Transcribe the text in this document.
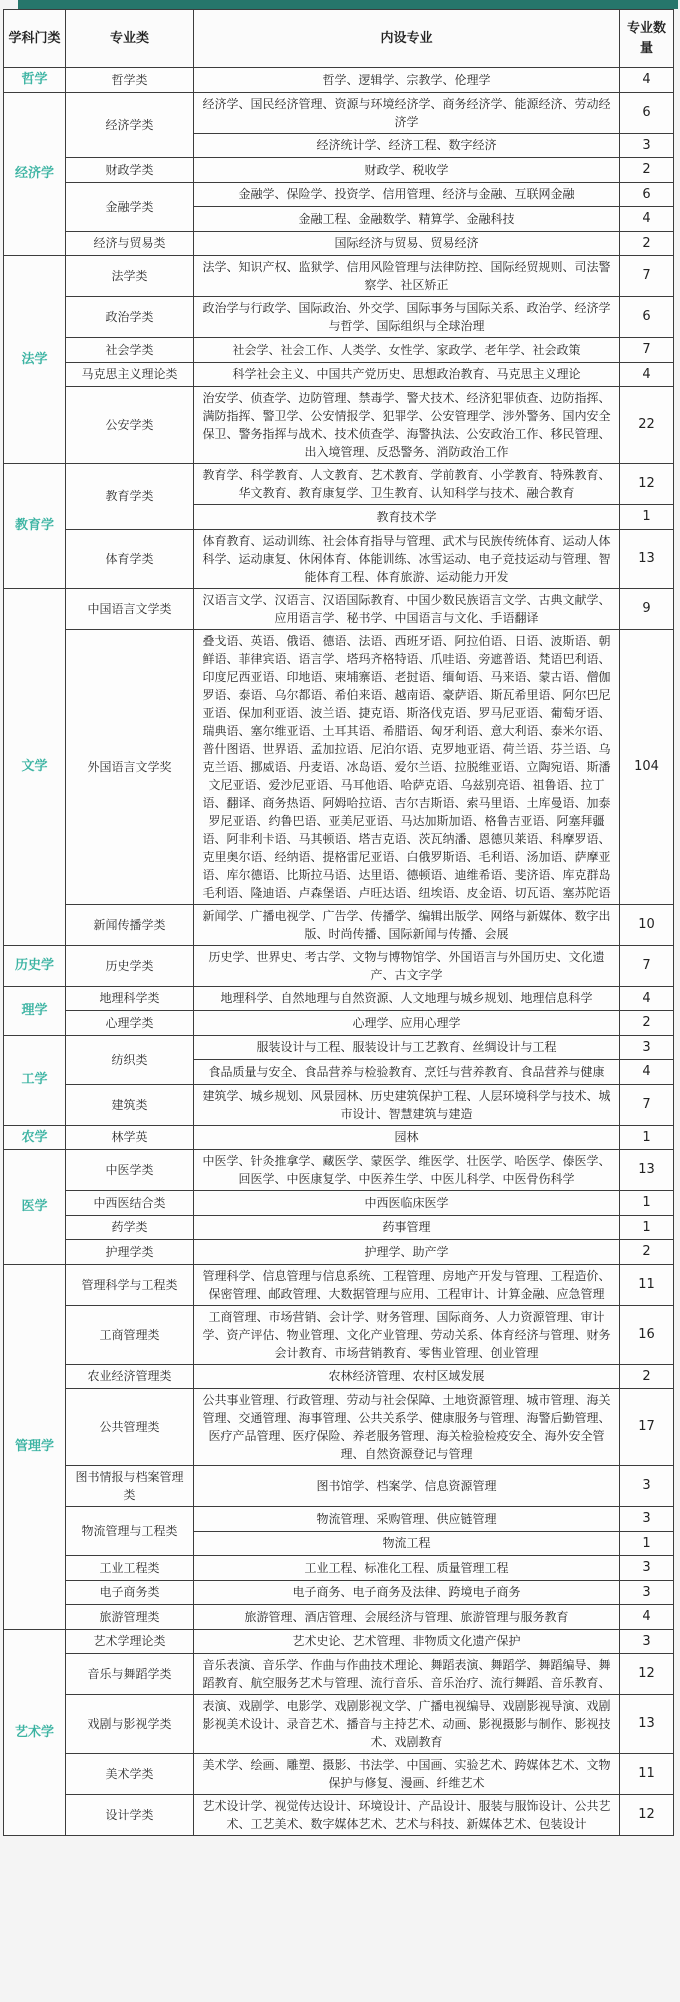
学科门类	专业类	内设专业	专业数量
哲学	哲学类	哲学、逻辑学、宗教学、伦理学	4
经济学	经济学类	经济学、国民经济管理、资源与环境经济学、商务经济学、能源经济、劳动经济学	6
		经济统计学、经济工程、数字经济	3
	财政学类	财政学、税收学	2
	金融学类	金融学、保险学、投资学、信用管理、经济与金融、互联网金融	6
		金融工程、金融数学、精算学、金融科技	4
	经济与贸易类	国际经济与贸易、贸易经济	2
法学	法学类	法学、知识产权、监狱学、信用风险管理与法律防控、国际经贸规则、司法警察学、社区矫正	7
	政治学类	政治学与行政学、国际政治、外交学、国际事务与国际关系、政治学、经济学与哲学、国际组织与全球治理	6
	社会学类	社会学、社会工作、人类学、女性学、家政学、老年学、社会政策	7
	马克思主义理论类	科学社会主义、中国共产党历史、思想政治教育、马克思主义理论	4
	公安学类	治安学、侦查学、边防管理、禁毒学、警犬技术、经济犯罪侦查、边防指挥、满防指挥、警卫学、公安情报学、犯罪学、公安管理学、涉外警务、国内安全保卫、警务指挥与战术、技术侦查学、海警执法、公安政治工作、移民管理、出入境管理、反恐警务、消防政治工作	22
教育学	教育学类	教育学、科学教育、人文教育、艺术教育、学前教育、小学教育、特殊教育、华文教育、教育康复学、卫生教育、认知科学与技术、融合教育	12
		教育技术学	1
	体育学类	体育教育、运动训练、社会体育指导与管理、武术与民族传统体育、运动人体科学、运动康复、休闲体育、体能训练、冰雪运动、电子竞技运动与管理、智能体育工程、体育旅游、运动能力开发	13
文学	中国语言文学类	汉语言文学、汉语言、汉语国际教育、中国少数民族语言文学、古典文献学、应用语言学、秘书学、中国语言与文化、手语翻译	9
	外国语言文学奖	叠戈语、英语、俄语、德语、法语、西班牙语、阿拉伯语、日语、波斯语、朝鲜语、菲律宾语、语言学、塔玛齐格特语、爪哇语、旁遮普语、梵语巴利语、印度尼西亚语、印地语、柬埔寨语、老挝语、缅甸语、马来语、蒙古语、僧伽罗语、泰语、乌尔都语、希伯来语、越南语、豪萨语、斯瓦希里语、阿尔巴尼亚语、保加利亚语、波兰语、捷克语、斯洛伐克语、罗马尼亚语、葡萄牙语、瑞典语、塞尔维亚语、土耳其语、希腊语、匈牙利语、意大利语、泰米尔语、普什图语、世界语、孟加拉语、尼泊尔语、克罗地亚语、荷兰语、芬兰语、乌克兰语、挪威语、丹麦语、冰岛语、爱尔兰语、拉脱维亚语、立陶宛语、斯潘文尼亚语、爱沙尼亚语、马耳他语、哈萨克语、乌兹别亮语、祖鲁语、拉丁语、翻译、商务热语、阿姆哈拉语、吉尔吉斯语、索马里语、土库曼语、加泰罗尼亚语、约鲁巴语、亚美尼亚语、马达加斯加语、格鲁吉亚语、阿塞拜疆语、阿非利卡语、马其顿语、塔吉克语、茨瓦纳潘、恩德贝莱语、科摩罗语、克里奥尔语、经纳语、提格雷尼亚语、白俄罗斯语、毛利语、汤加语、萨摩亚语、库尔德语、比斯拉马语、达里语、德顿语、迪维希语、斐济语、库克群岛毛利语、隆迪语、卢森堡语、卢旺达语、纽埃语、皮金语、切瓦语、塞苏陀语	104
	新闻传播学类	新闻学、广播电视学、广告学、传播学、编辑出版学、网络与新媒体、数字出版、时尚传播、国际新闻与传播、会展	10
历史学	历史学类	历史学、世界史、考古学、文物与博物馆学、外国语言与外国历史、文化遗产、古文字学	7
理学	地理科学类	地理科学、自然地理与自然资源、人文地理与城乡规划、地理信息科学	4
	心理学类	心理学、应用心理学	2
工学	纺织类	服装设计与工程、服装设计与工艺教育、丝绸设计与工程	3
		食品质量与安全、食品营养与检验教育、烹饪与营养教育、食品营养与健康	4
	建筑类	建筑学、城乡规划、风景园林、历史建筑保护工程、人层环境科学与技术、城市设计、智慧建筑与建造	7
农学	林学英	园林	1
医学	中医学类	中医学、针灸推拿学、藏医学、蒙医学、维医学、壮医学、哈医学、傣医学、回医学、中医康复学、中医养生学、中医儿科学、中医骨伤科学	13
	中西医结合类	中西医临床医学	1
	药学类	药事管理	1
	护理学类	护理学、助产学	2
管理学	管理科学与工程类	管理科学、信息管理与信息系统、工程管理、房地产开发与管理、工程造价、保密管理、邮政管理、大数据管理与应用、工程审计、计算金融、应急管理	11
	工商管理类	工商管理、市场营销、会计学、财务管理、国际商务、人力资源管理、审计学、资产评估、物业管理、文化产业管理、劳动关系、体育经济与管理、财务会计教育、市场营销教育、零售业管理、创业管理	16
	农业经济管理类	农林经济管理、农村区域发展	2
	公共管理类	公共事业管理、行政管理、劳动与社会保障、土地资源管理、城市管理、海关管理、交通管理、海事管理、公共关系学、健康服务与管理、海警后勤管理、医疗产品管理、医疗保险、养老服务管理、海关检验检疫安全、海外安全管理、自然资源登记与管理	17
	图书情报与档案管理类	图书馆学、档案学、信息资源管理	3
	物流管理与工程类	物流管理、采购管理、供应链管理	3
		物流工程	1
	工业工程类	工业工程、标准化工程、质量管理工程	3
	电子商务类	电子商务、电子商务及法律、跨境电子商务	3
	旅游管理类	旅游管理、酒店管理、会展经济与管理、旅游管理与服务教育	4
艺术学	艺术学理论类	艺术史论、艺术管理、非物质文化遗产保护	3
	音乐与舞蹈学类	音乐表演、音乐学、作曲与作曲技术理论、舞蹈表演、舞蹈学、舞蹈编导、舞蹈教育、航空服务艺术与管理、流行音乐、音乐治疗、流行舞蹈、音乐教育、	12
	戏剧与影视学类	表演、戏剧学、电影学、戏剧影视文学、广播电视编导、戏剧影视导演、戏剧影视美术设计、录音艺术、播音与主持艺术、动画、影视摄影与制作、影视技术、戏剧教育	13
	美术学类	美术学、绘画、雕塑、摄影、书法学、中国画、实验艺术、跨媒体艺术、文物保护与修复、漫画、纤维艺术	11
	设计学类	艺术设计学、视觉传达设计、环境设计、产品设计、服装与服饰设计、公共艺术、工艺美术、数字媒体艺术、艺术与科技、新媒体艺术、包装设计	12
